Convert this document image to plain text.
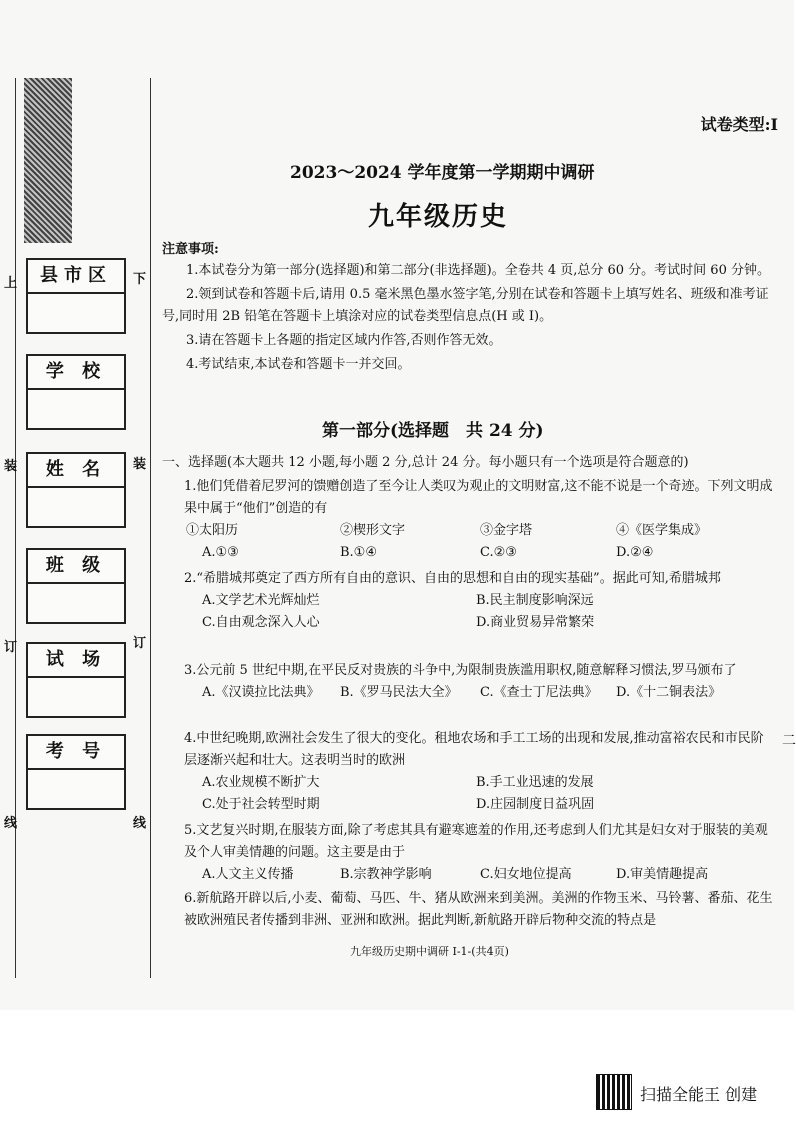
上
装
订
线
下
装
订
线
县市区
学 校
姓 名
班 级
试 场
考 号
试卷类型:I
2023～2024 学年度第一学期期中调研
九年级历史
注意事项:

1.本试卷分为第一部分(选择题)和第二部分(非选择题)。全卷共 4 页,总分 60 分。考试时间 60 分钟。

2.领到试卷和答题卡后,请用 0.5 毫米黑色墨水签字笔,分别在试卷和答题卡上填写姓名、班级和准考证号,同时用 2B 铅笔在答题卡上填涂对应的试卷类型信息点(H 或 I)。

3.请在答题卡上各题的指定区域内作答,否则作答无效。

4.考试结束,本试卷和答题卡一并交回。

第一部分(选择题　共 24 分)
一、选择题(本大题共 12 小题,每小题 2 分,总计 24 分。每小题只有一个选项是符合题意的)

1.他们凭借着尼罗河的馈赠创造了至今让人类叹为观止的文明财富,这不能不说是一个奇迹。下列文明成果中属于“他们”创造的有

①太阳历	②楔形文字	③金字塔	④《医学集成》
A.①③	B.①④	C.②③	D.②④

2.“希腊城邦奠定了西方所有自由的意识、自由的思想和自由的现实基础”。据此可知,希腊城邦

A.文学艺术光辉灿烂	B.民主制度影响深远
C.自由观念深入人心	D.商业贸易异常繁荣

3.公元前 5 世纪中期,在平民反对贵族的斗争中,为限制贵族滥用职权,随意解释习惯法,罗马颁布了

A.《汉谟拉比法典》 B.《罗马民法大全》 C.《查士丁尼法典》 D.《十二铜表法》

4.中世纪晚期,欧洲社会发生了很大的变化。租地农场和手工工场的出现和发展,推动富裕农民和市民阶层逐渐兴起和壮大。这表明当时的欧洲

A.农业规模不断扩大	B.手工业迅速的发展
C.处于社会转型时期	D.庄园制度日益巩固

5.文艺复兴时期,在服装方面,除了考虑其具有避寒遮羞的作用,还考虑到人们尤其是妇女对于服装的美观及个人审美情趣的问题。这主要是由于

A.人文主义传播	B.宗教神学影响	C.妇女地位提高	D.审美情趣提高

6.新航路开辟以后,小麦、葡萄、马匹、牛、猪从欧洲来到美洲。美洲的作物玉米、马铃薯、番茄、花生被欧洲殖民者传播到非洲、亚洲和欧洲。据此判断,新航路开辟后物种交流的特点是

九年级历史期中调研 I-1-(共4页)
二
扫描全能王 创建
